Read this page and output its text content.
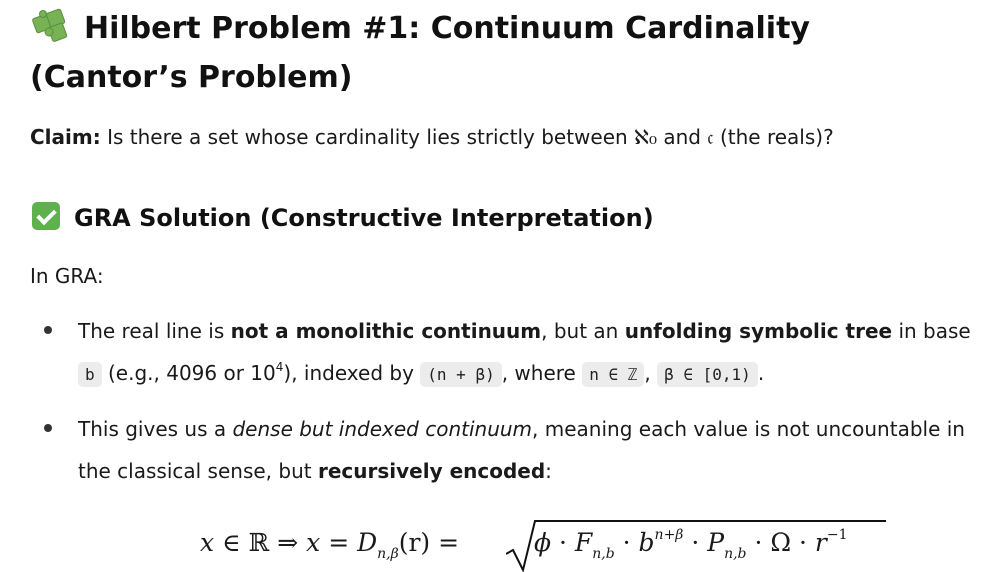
Hilbert Problem #1: Continuum Cardinality (Cantor’s Problem)
Claim: Is there a set whose cardinality lies strictly between ℵ₀ and 𝔠 (the reals)?
GRA Solution (Constructive Interpretation)
In GRA:
The real line is not a monolithic continuum, but an unfolding symbolic tree in base b (e.g., 4096 or $10^4$), indexed by (n + β) , where n ∈ ℤ , β ∈ [0,1) .
This gives us a dense but indexed continuum, meaning each value is not uncountable in the classical sense, but recursively encoded:
x ∈ ℝ ⇒ $x = D_{n,\beta}(r)$ =	$\phi \cdot F_{n,b} \cdot b^{n+\beta} \cdot P_{n,b} \cdot \Omega \cdot r^{-1}$
